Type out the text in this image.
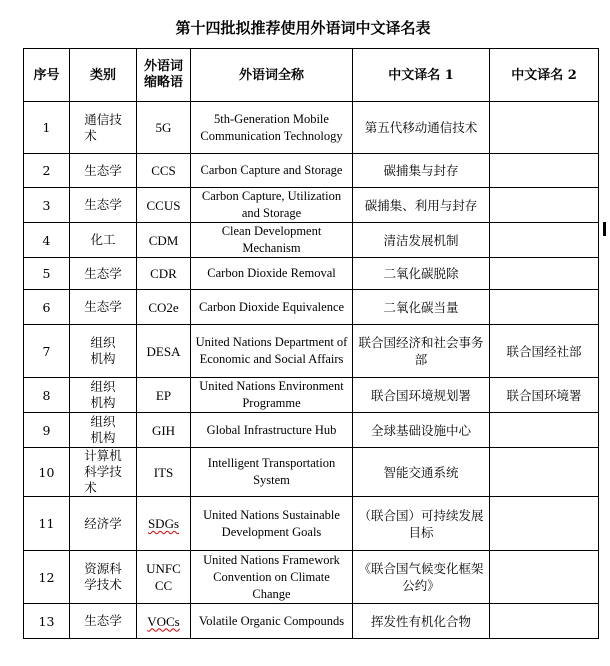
第十四批拟推荐使用外语词中文译名表
序号	类别	外语词缩略语	外语词全称	中文译名 1	中文译名 2
1	通信技术	5G	5th-Generation Mobile Communication Technology	第五代移动通信技术	
2	生态学	CCS	Carbon Capture and Storage	碳捕集与封存	
3	生态学	CCUS	Carbon Capture, Utilization and Storage	碳捕集、利用与封存	
4	化工	CDM	Clean Development Mechanism	清洁发展机制	
5	生态学	CDR	Carbon Dioxide Removal	二氧化碳脱除	
6	生态学	CO2e	Carbon Dioxide Equivalence	二氧化碳当量	
7	组织机构	DESA	United Nations Department of Economic and Social Affairs	联合国经济和社会事务部	联合国经社部
8	组织机构	EP	United Nations Environment Programme	联合国环境规划署	联合国环境署
9	组织机构	GIH	Global Infrastructure Hub	全球基础设施中心	
10	计算机科学技术	ITS	Intelligent Transportation System	智能交通系统	
11	经济学	SDGs	United Nations Sustainable Development Goals	（联合国）可持续发展目标	
12	资源科学技术	UNFCCC	United Nations Framework Convention on Climate Change	《联合国气候变化框架公约》	
13	生态学	VOCs	Volatile Organic Compounds	挥发性有机化合物	
